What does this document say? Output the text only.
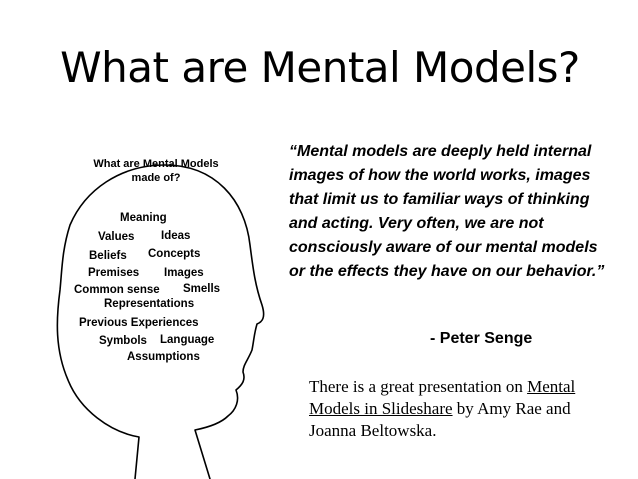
What are Mental Models?
What are Mental Models
made of?
Meaning
Values Ideas
Beliefs Concepts
Premises Images
Common sense Smells
Representations
Previous Experiences
Symbols Language
Assumptions
“Mental models are deeply held internal images of how the world works, images that limit us to familiar ways of thinking and acting. Very often, we are not consciously aware of our mental models or the effects they have on our behavior.”
- Peter Senge
There is a great presentation on Mental Models in Slideshare by Amy Rae and Joanna Beltowska.
